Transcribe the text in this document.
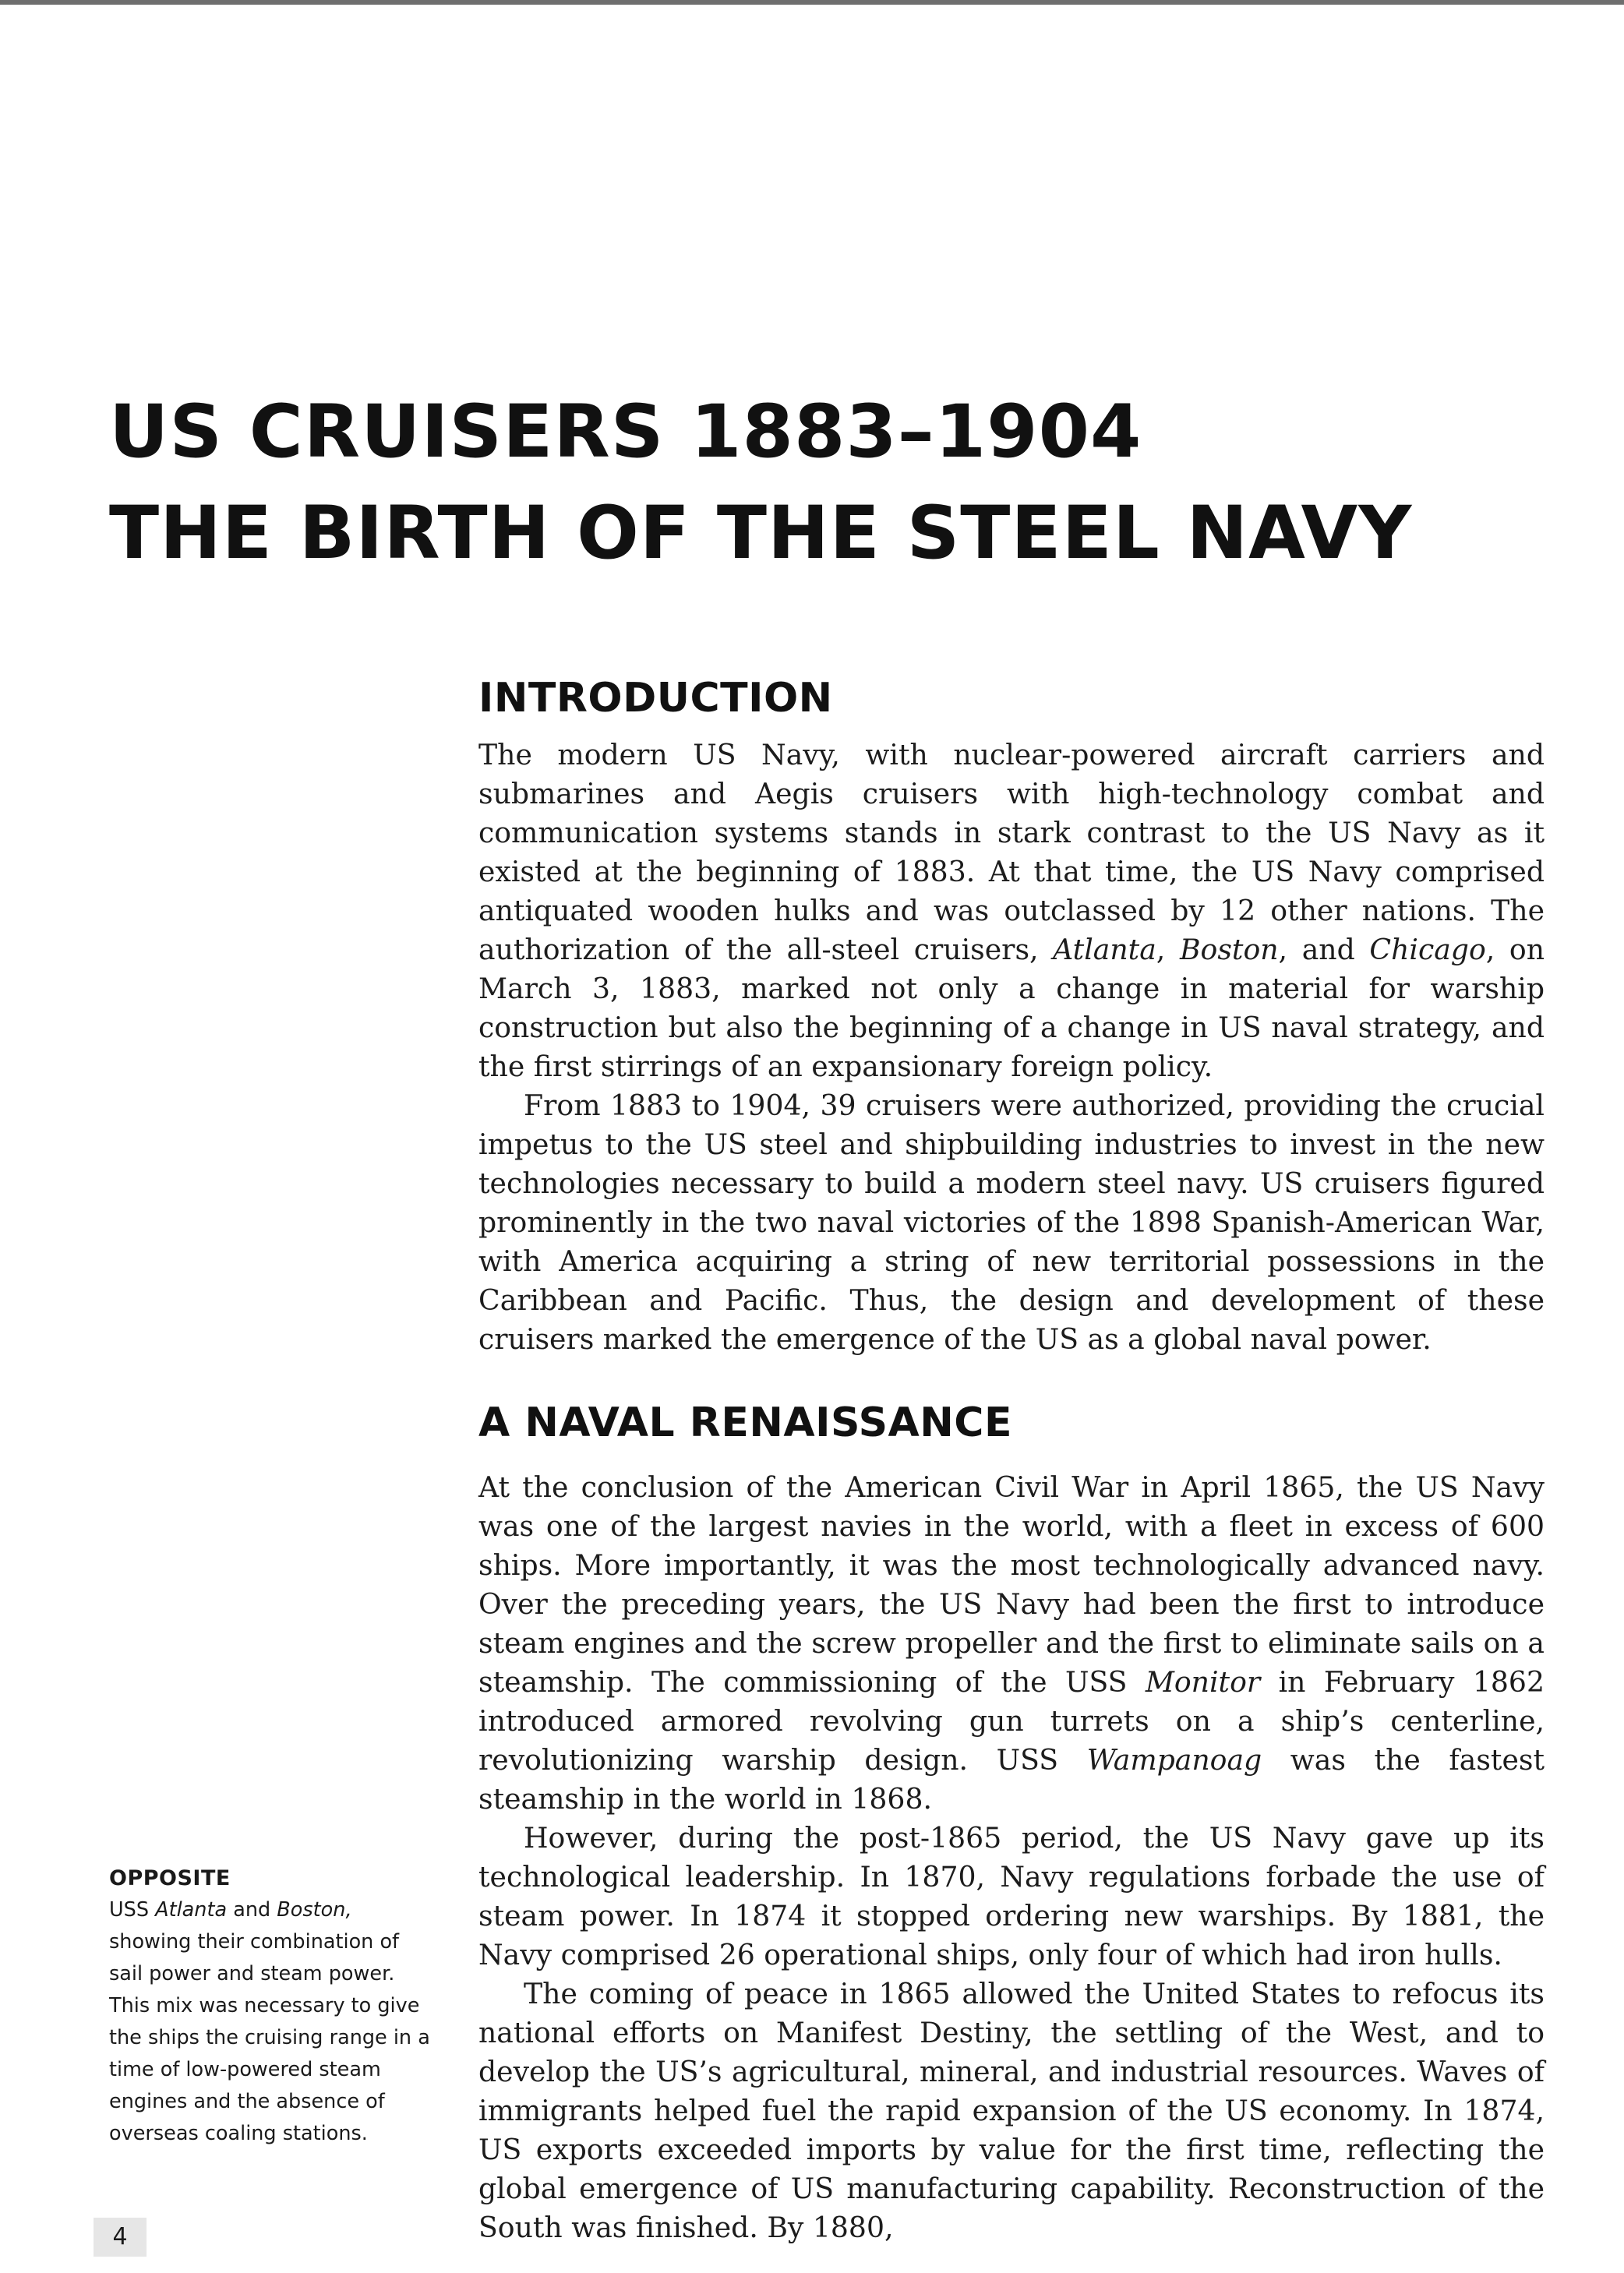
US CRUISERS 1883–1904
THE BIRTH OF THE STEEL NAVY
INTRODUCTION

The modern US Navy, with nuclear-powered aircraft carriers and submarines and Aegis cruisers with high-technology combat and communication systems stands in stark contrast to the US Navy as it existed at the beginning of 1883. At that time, the US Navy comprised antiquated wooden hulks and was outclassed by 12 other nations. The authorization of the all-steel cruisers, Atlanta, Boston, and Chicago, on March 3, 1883, marked not only a change in material for warship construction but also the beginning of a change in US naval strategy, and the first stirrings of an expansionary foreign policy.

From 1883 to 1904, 39 cruisers were authorized, providing the crucial impetus to the US steel and shipbuilding industries to invest in the new technologies necessary to build a modern steel navy. US cruisers figured prominently in the two naval victories of the 1898 Spanish-American War, with America acquiring a string of new territorial possessions in the Caribbean and Pacific. Thus, the design and development of these cruisers marked the emergence of the US as a global naval power.

A NAVAL RENAISSANCE

At the conclusion of the American Civil War in April 1865, the US Navy was one of the largest navies in the world, with a fleet in excess of 600 ships. More importantly, it was the most technologically advanced navy. Over the preceding years, the US Navy had been the first to introduce steam engines and the screw propeller and the first to eliminate sails on a steamship. The commissioning of the USS Monitor in February 1862 introduced armored revolving gun turrets on a ship’s centerline, revolutionizing warship design. USS Wampanoag was the fastest steamship in the world in 1868.

However, during the post-1865 period, the US Navy gave up its technological leadership. In 1870, Navy regulations forbade the use of steam power. In 1874 it stopped ordering new warships. By 1881, the Navy comprised 26 operational ships, only four of which had iron hulls.

The coming of peace in 1865 allowed the United States to refocus its national efforts on Manifest Destiny, the settling of the West, and to develop the US’s agricultural, mineral, and industrial resources. Waves of immigrants helped fuel the rapid expansion of the US economy. In 1874, US exports exceeded imports by value for the first time, reflecting the global emergence of US manufacturing capability. Reconstruction of the South was finished. By 1880,

OPPOSITE
USS Atlanta and Boston, showing their combination of sail power and steam power. This mix was necessary to give the ships the cruising range in a time of low-powered steam engines and the absence of overseas coaling stations.
4
